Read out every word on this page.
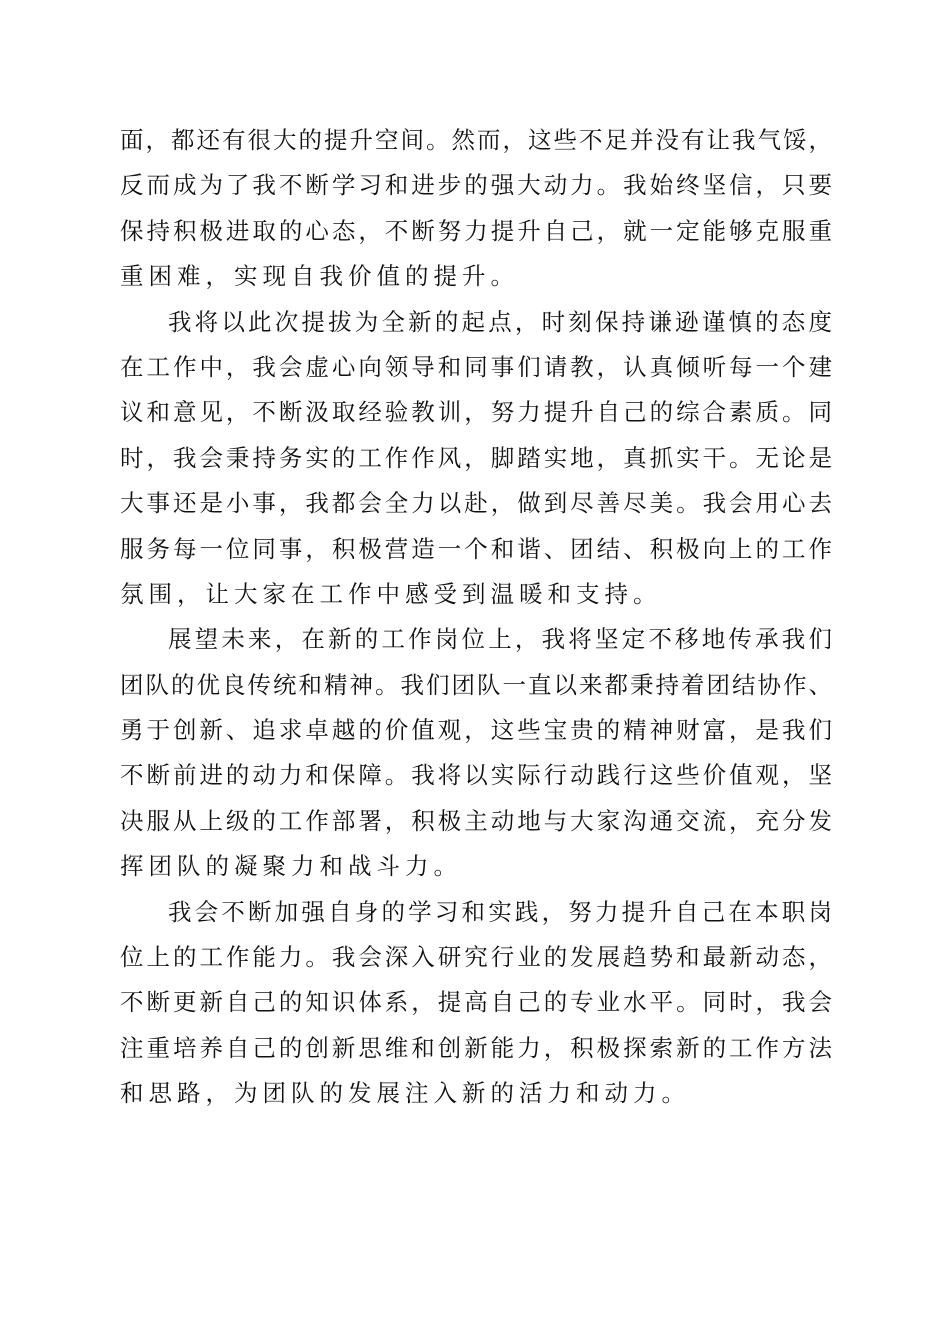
面，都还有很大的提升空间。然而，这些不足并没有让我气馁，
反而成为了我不断学习和进步的强大动力。我始终坚信，只要
保持积极进取的心态，不断努力提升自己，就一定能够克服重
重困难，实现自我价值的提升。
我将以此次提拔为全新的起点，时刻保持谦逊谨慎的态度
在工作中，我会虚心向领导和同事们请教，认真倾听每一个建
议和意见，不断汲取经验教训，努力提升自己的综合素质。同
时，我会秉持务实的工作作风，脚踏实地，真抓实干。无论是
大事还是小事，我都会全力以赴，做到尽善尽美。我会用心去
服务每一位同事，积极营造一个和谐、团结、积极向上的工作
氛围，让大家在工作中感受到温暖和支持。
展望未来，在新的工作岗位上，我将坚定不移地传承我们
团队的优良传统和精神。我们团队一直以来都秉持着团结协作、
勇于创新、追求卓越的价值观，这些宝贵的精神财富，是我们
不断前进的动力和保障。我将以实际行动践行这些价值观，坚
决服从上级的工作部署，积极主动地与大家沟通交流，充分发
挥团队的凝聚力和战斗力。
我会不断加强自身的学习和实践，努力提升自己在本职岗
位上的工作能力。我会深入研究行业的发展趋势和最新动态，
不断更新自己的知识体系，提高自己的专业水平。同时，我会
注重培养自己的创新思维和创新能力，积极探索新的工作方法
和思路，为团队的发展注入新的活力和动力。
